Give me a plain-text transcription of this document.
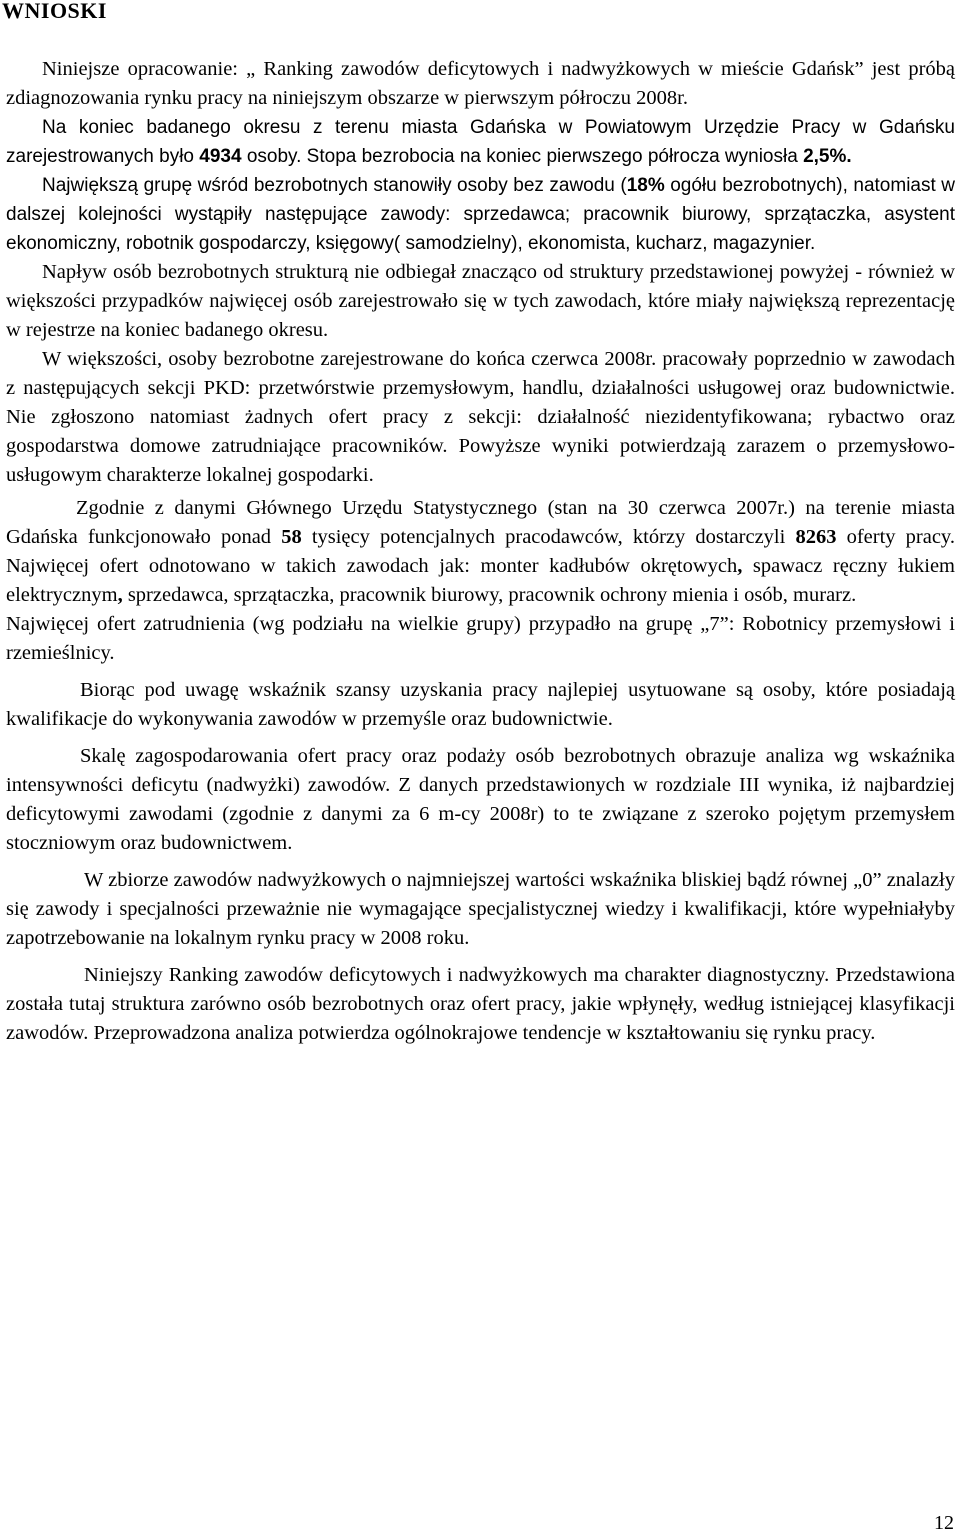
WNIOSKI

Niniejsze opracowanie: „ Ranking zawodów deficytowych i nadwyżkowych w mieście Gdańsk” jest próbą zdiagnozowania rynku pracy na niniejszym obszarze w pierwszym półroczu 2008r.

Na koniec badanego okresu z terenu miasta Gdańska w Powiatowym Urzędzie Pracy w Gdańsku zarejestrowanych było 4934 osoby. Stopa bezrobocia na koniec pierwszego półrocza wyniosła 2,5%.

Największą grupę wśród bezrobotnych stanowiły osoby bez zawodu (18% ogółu bezrobotnych), natomiast w dalszej kolejności wystąpiły następujące zawody: sprzedawca; pracownik biurowy, sprzątaczka, asystent ekonomiczny, robotnik gospodarczy, księgowy( samodzielny), ekonomista, kucharz, magazynier.

Napływ osób bezrobotnych strukturą nie odbiegał znacząco od struktury przedstawionej powyżej - również w większości przypadków najwięcej osób zarejestrowało się w tych zawodach, które miały największą reprezentację w rejestrze na koniec badanego okresu.

W większości, osoby bezrobotne zarejestrowane do końca czerwca 2008r. pracowały poprzednio w zawodach z następujących sekcji PKD: przetwórstwie przemysłowym, handlu, działalności usługowej oraz budownictwie. Nie zgłoszono natomiast żadnych ofert pracy z sekcji: działalność niezidentyfikowana; rybactwo oraz gospodarstwa domowe zatrudniające pracowników. Powyższe wyniki potwierdzają zarazem o przemysłowo- usługowym charakterze lokalnej gospodarki.

Zgodnie z danymi Głównego Urzędu Statystycznego (stan na 30 czerwca 2007r.) na terenie miasta Gdańska funkcjonowało ponad 58 tysięcy potencjalnych pracodawców, którzy dostarczyli 8263 oferty pracy. Najwięcej ofert odnotowano w takich zawodach jak: monter kadłubów okrętowych, spawacz ręczny łukiem elektrycznym, sprzedawca, sprzątaczka, pracownik biurowy, pracownik ochrony mienia i osób, murarz.

Najwięcej ofert zatrudnienia (wg podziału na wielkie grupy) przypadło na grupę „7”: Robotnicy przemysłowi i rzemieślnicy.

Biorąc pod uwagę wskaźnik szansy uzyskania pracy najlepiej usytuowane są osoby, które posiadają kwalifikacje do wykonywania zawodów w przemyśle oraz budownictwie.

Skalę zagospodarowania ofert pracy oraz podaży osób bezrobotnych obrazuje analiza wg wskaźnika intensywności deficytu (nadwyżki) zawodów. Z danych przedstawionych w rozdziale III wynika, iż najbardziej deficytowymi zawodami (zgodnie z danymi za 6 m-cy 2008r) to te związane z szeroko pojętym przemysłem stoczniowym oraz budownictwem.

W zbiorze zawodów nadwyżkowych o najmniejszej wartości wskaźnika bliskiej bądź równej „0” znalazły się zawody i specjalności przeważnie nie wymagające specjalistycznej wiedzy i kwalifikacji, które wypełniałyby zapotrzebowanie na lokalnym rynku pracy w 2008 roku.

Niniejszy Ranking zawodów deficytowych i nadwyżkowych ma charakter diagnostyczny. Przedstawiona została tutaj struktura zarówno osób bezrobotnych oraz ofert pracy, jakie wpłynęły, według istniejącej klasyfikacji zawodów. Przeprowadzona analiza potwierdza ogólnokrajowe tendencje w kształtowaniu się rynku pracy.

12
